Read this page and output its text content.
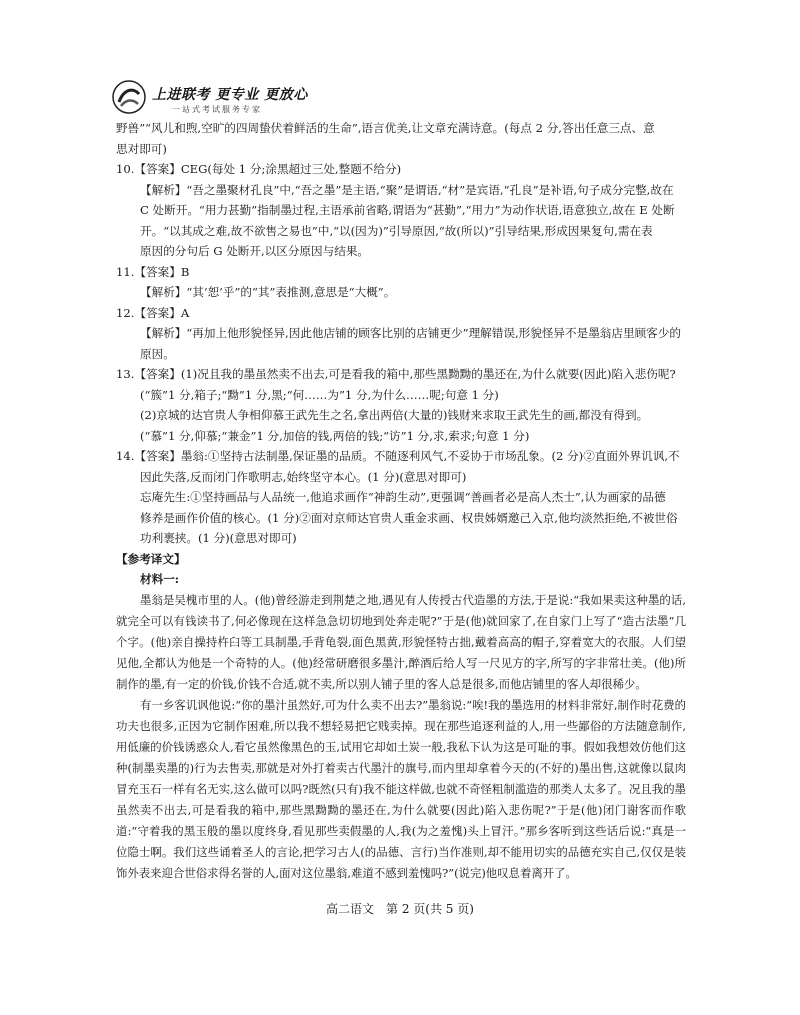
上进联考 更专业 更放心
一站式考试服务专家

野兽”“风儿和煦,空旷的四周蛰伏着鲜活的生命”,语言优美,让文章充满诗意。(每点 2 分,答出任意三点、意

思对即可)

10.【答案】CEG(每处 1 分;涂黑超过三处,整题不给分)

【解析】“吾之墨聚材孔良”中,“吾之墨”是主语,“聚”是谓语,“材”是宾语,“孔良”是补语,句子成分完整,故在

C 处断开。“用力甚勤”指制墨过程,主语承前省略,谓语为“甚勤”,“用力”为动作状语,语意独立,故在 E 处断

开。“以其成之难,故不欲售之易也”中,“以(因为)”引导原因,“故(所以)”引导结果,形成因果复句,需在表

原因的分句后 G 处断开,以区分原因与结果。

11.【答案】B

【解析】“其‘恕’乎”的“其”表推测,意思是“大概”。

12.【答案】A

【解析】“再加上他形貌怪异,因此他店铺的顾客比别的店铺更少”理解错误,形貌怪异不是墨翁店里顾客少的

原因。

13.【答案】(1)况且我的墨虽然卖不出去,可是看我的箱中,那些黑黝黝的墨还在,为什么就要(因此)陷入悲伤呢?

(“簇”1 分,箱子;“黝”1 分,黑;“何……为”1 分,为什么……呢;句意 1 分)

(2)京城的达官贵人争相仰慕王武先生之名,拿出两倍(大量的)钱财来求取王武先生的画,都没有得到。

(“慕”1 分,仰慕;“兼金”1 分,加倍的钱,两倍的钱;“访”1 分,求,索求;句意 1 分)

14.【答案】墨翁:①坚持古法制墨,保证墨的品质。不随逐利风气,不妥协于市场乱象。(2 分)②直面外界讥讽,不

因此失落,反而闭门作歌明志,始终坚守本心。(1 分)(意思对即可)

忘庵先生:①坚持画品与人品统一,他追求画作“神韵生动”,更强调“善画者必是高人杰士”,认为画家的品德

修养是画作价值的核心。(1 分)②面对京师达官贵人重金求画、权贵姊婿邀己入京,他均淡然拒绝,不被世俗

功利裹挟。(1 分)(意思对即可)

【参考译文】

材料一:

墨翁是吴槐市里的人。(他)曾经游走到荆楚之地,遇见有人传授古代造墨的方法,于是说:“我如果卖这种墨的话,就完全可以有钱读书了,何必像现在这样急急切切地到处奔走呢?”于是(他)就回家了,在自家门上写了“造古法墨”几个字。(他)亲自操持杵臼等工具制墨,手背龟裂,面色黑黄,形貌怪特古拙,戴着高高的帽子,穿着宽大的衣服。人们望见他,全都认为他是一个奇特的人。(他)经常研磨很多墨汁,醉酒后给人写一尺见方的字,所写的字非常壮美。(他)所制作的墨,有一定的价钱,价钱不合适,就不卖,所以别人铺子里的客人总是很多,而他店铺里的客人却很稀少。

有一乡客讥讽他说:“你的墨汁虽然好,可为什么卖不出去?”墨翁说:“唉!我的墨选用的材料非常好,制作时花费的功夫也很多,正因为它制作困难,所以我不想轻易把它贱卖掉。现在那些追逐利益的人,用一些鄙俗的方法随意制作,用低廉的价钱诱惑众人,看它虽然像黑色的玉,试用它却如土炭一般,我私下认为这是可耻的事。假如我想效仿他们这种(制墨卖墨的)行为去售卖,那就是对外打着卖古代墨汁的旗号,而内里却拿着今天的(不好的)墨出售,这就像以鼠肉冒充玉石一样有名无实,这么做可以吗?既然(只有)我不能这样做,也就不奇怪粗制滥造的那类人太多了。况且我的墨虽然卖不出去,可是看我的箱中,那些黑黝黝的墨还在,为什么就要(因此)陷入悲伤呢?”于是(他)闭门谢客而作歌道:“守着我的黑玉般的墨以度终身,看见那些卖假墨的人,我(为之羞愧)头上冒汗。”那乡客听到这些话后说:“真是一位隐士啊。我们这些诵着圣人的言论,把学习古人(的品德、言行)当作准则,却不能用切实的品德充实自己,仅仅是装饰外表来迎合世俗求得名誉的人,面对这位墨翁,难道不感到羞愧吗?”(说完)他叹息着离开了。

高二语文　第 2 页(共 5 页)
